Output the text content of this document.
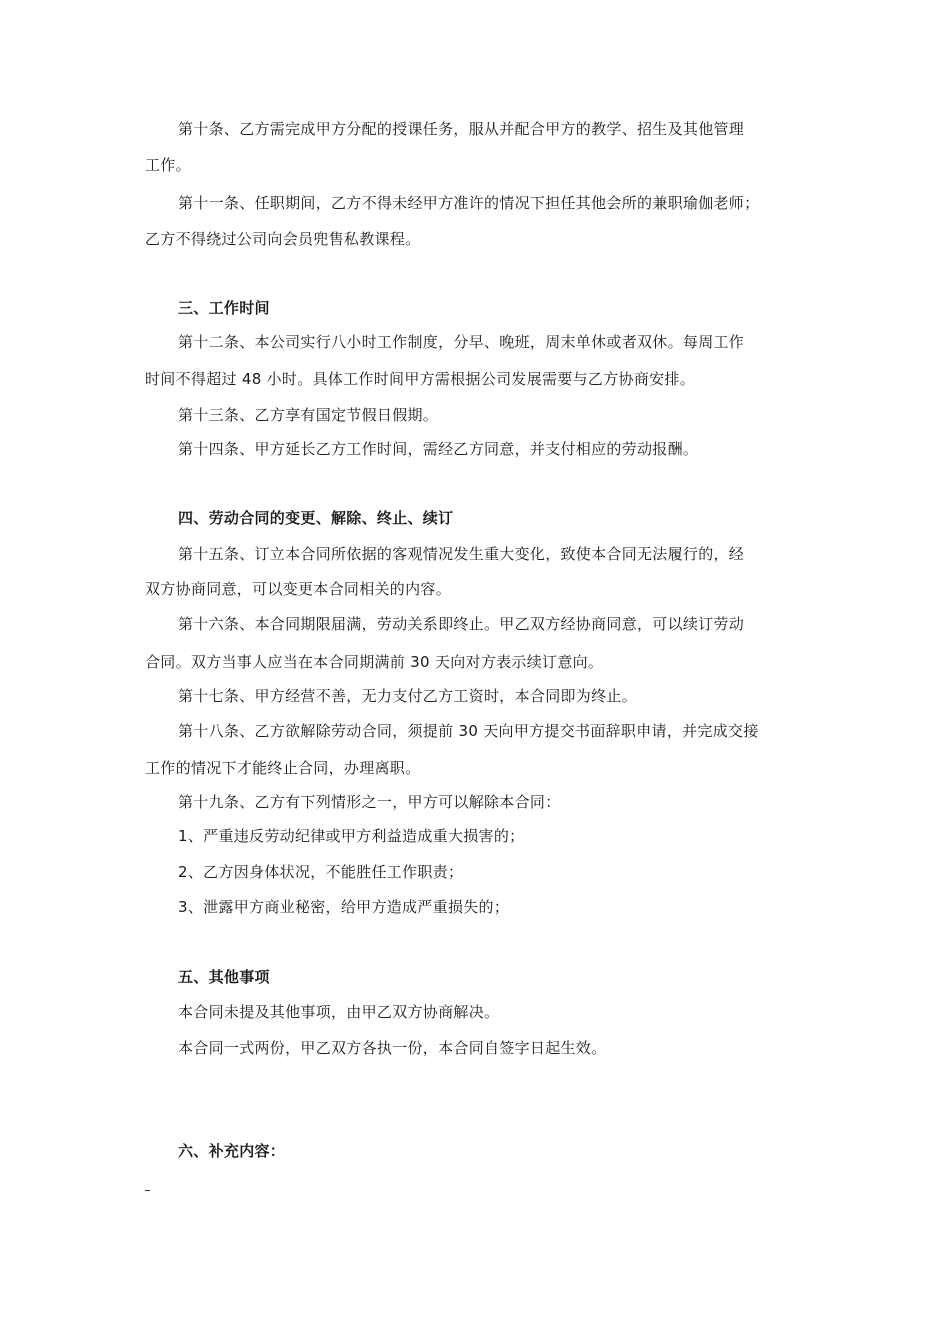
第十条、乙方需完成甲方分配的授课任务，服从并配合甲方的教学、招生及其他管理
工作。
第十一条、任职期间，乙方不得未经甲方准许的情况下担任其他会所的兼职瑜伽老师；
乙方不得绕过公司向会员兜售私教课程。
三、工作时间
第十二条、本公司实行八小时工作制度，分早、晚班，周末单休或者双休。每周工作
时间不得超过 48 小时。具体工作时间甲方需根据公司发展需要与乙方协商安排。
第十三条、乙方享有国定节假日假期。
第十四条、甲方延长乙方工作时间，需经乙方同意，并支付相应的劳动报酬。
四、劳动合同的变更、解除、终止、续订
第十五条、订立本合同所依据的客观情况发生重大变化，致使本合同无法履行的，经
双方协商同意，可以变更本合同相关的内容。
第十六条、本合同期限届满，劳动关系即终止。甲乙双方经协商同意，可以续订劳动
合同。双方当事人应当在本合同期满前 30 天向对方表示续订意向。
第十七条、甲方经营不善，无力支付乙方工资时，本合同即为终止。
第十八条、乙方欲解除劳动合同，须提前 30 天向甲方提交书面辞职申请，并完成交接
工作的情况下才能终止合同，办理离职。
第十九条、乙方有下列情形之一，甲方可以解除本合同：
1、严重违反劳动纪律或甲方利益造成重大损害的；
2、乙方因身体状况，不能胜任工作职责；
3、泄露甲方商业秘密，给甲方造成严重损失的；
五、其他事项
本合同未提及其他事项，由甲乙双方协商解决。
本合同一式两份，甲乙双方各执一份，本合同自签字日起生效。
六、补充内容：
